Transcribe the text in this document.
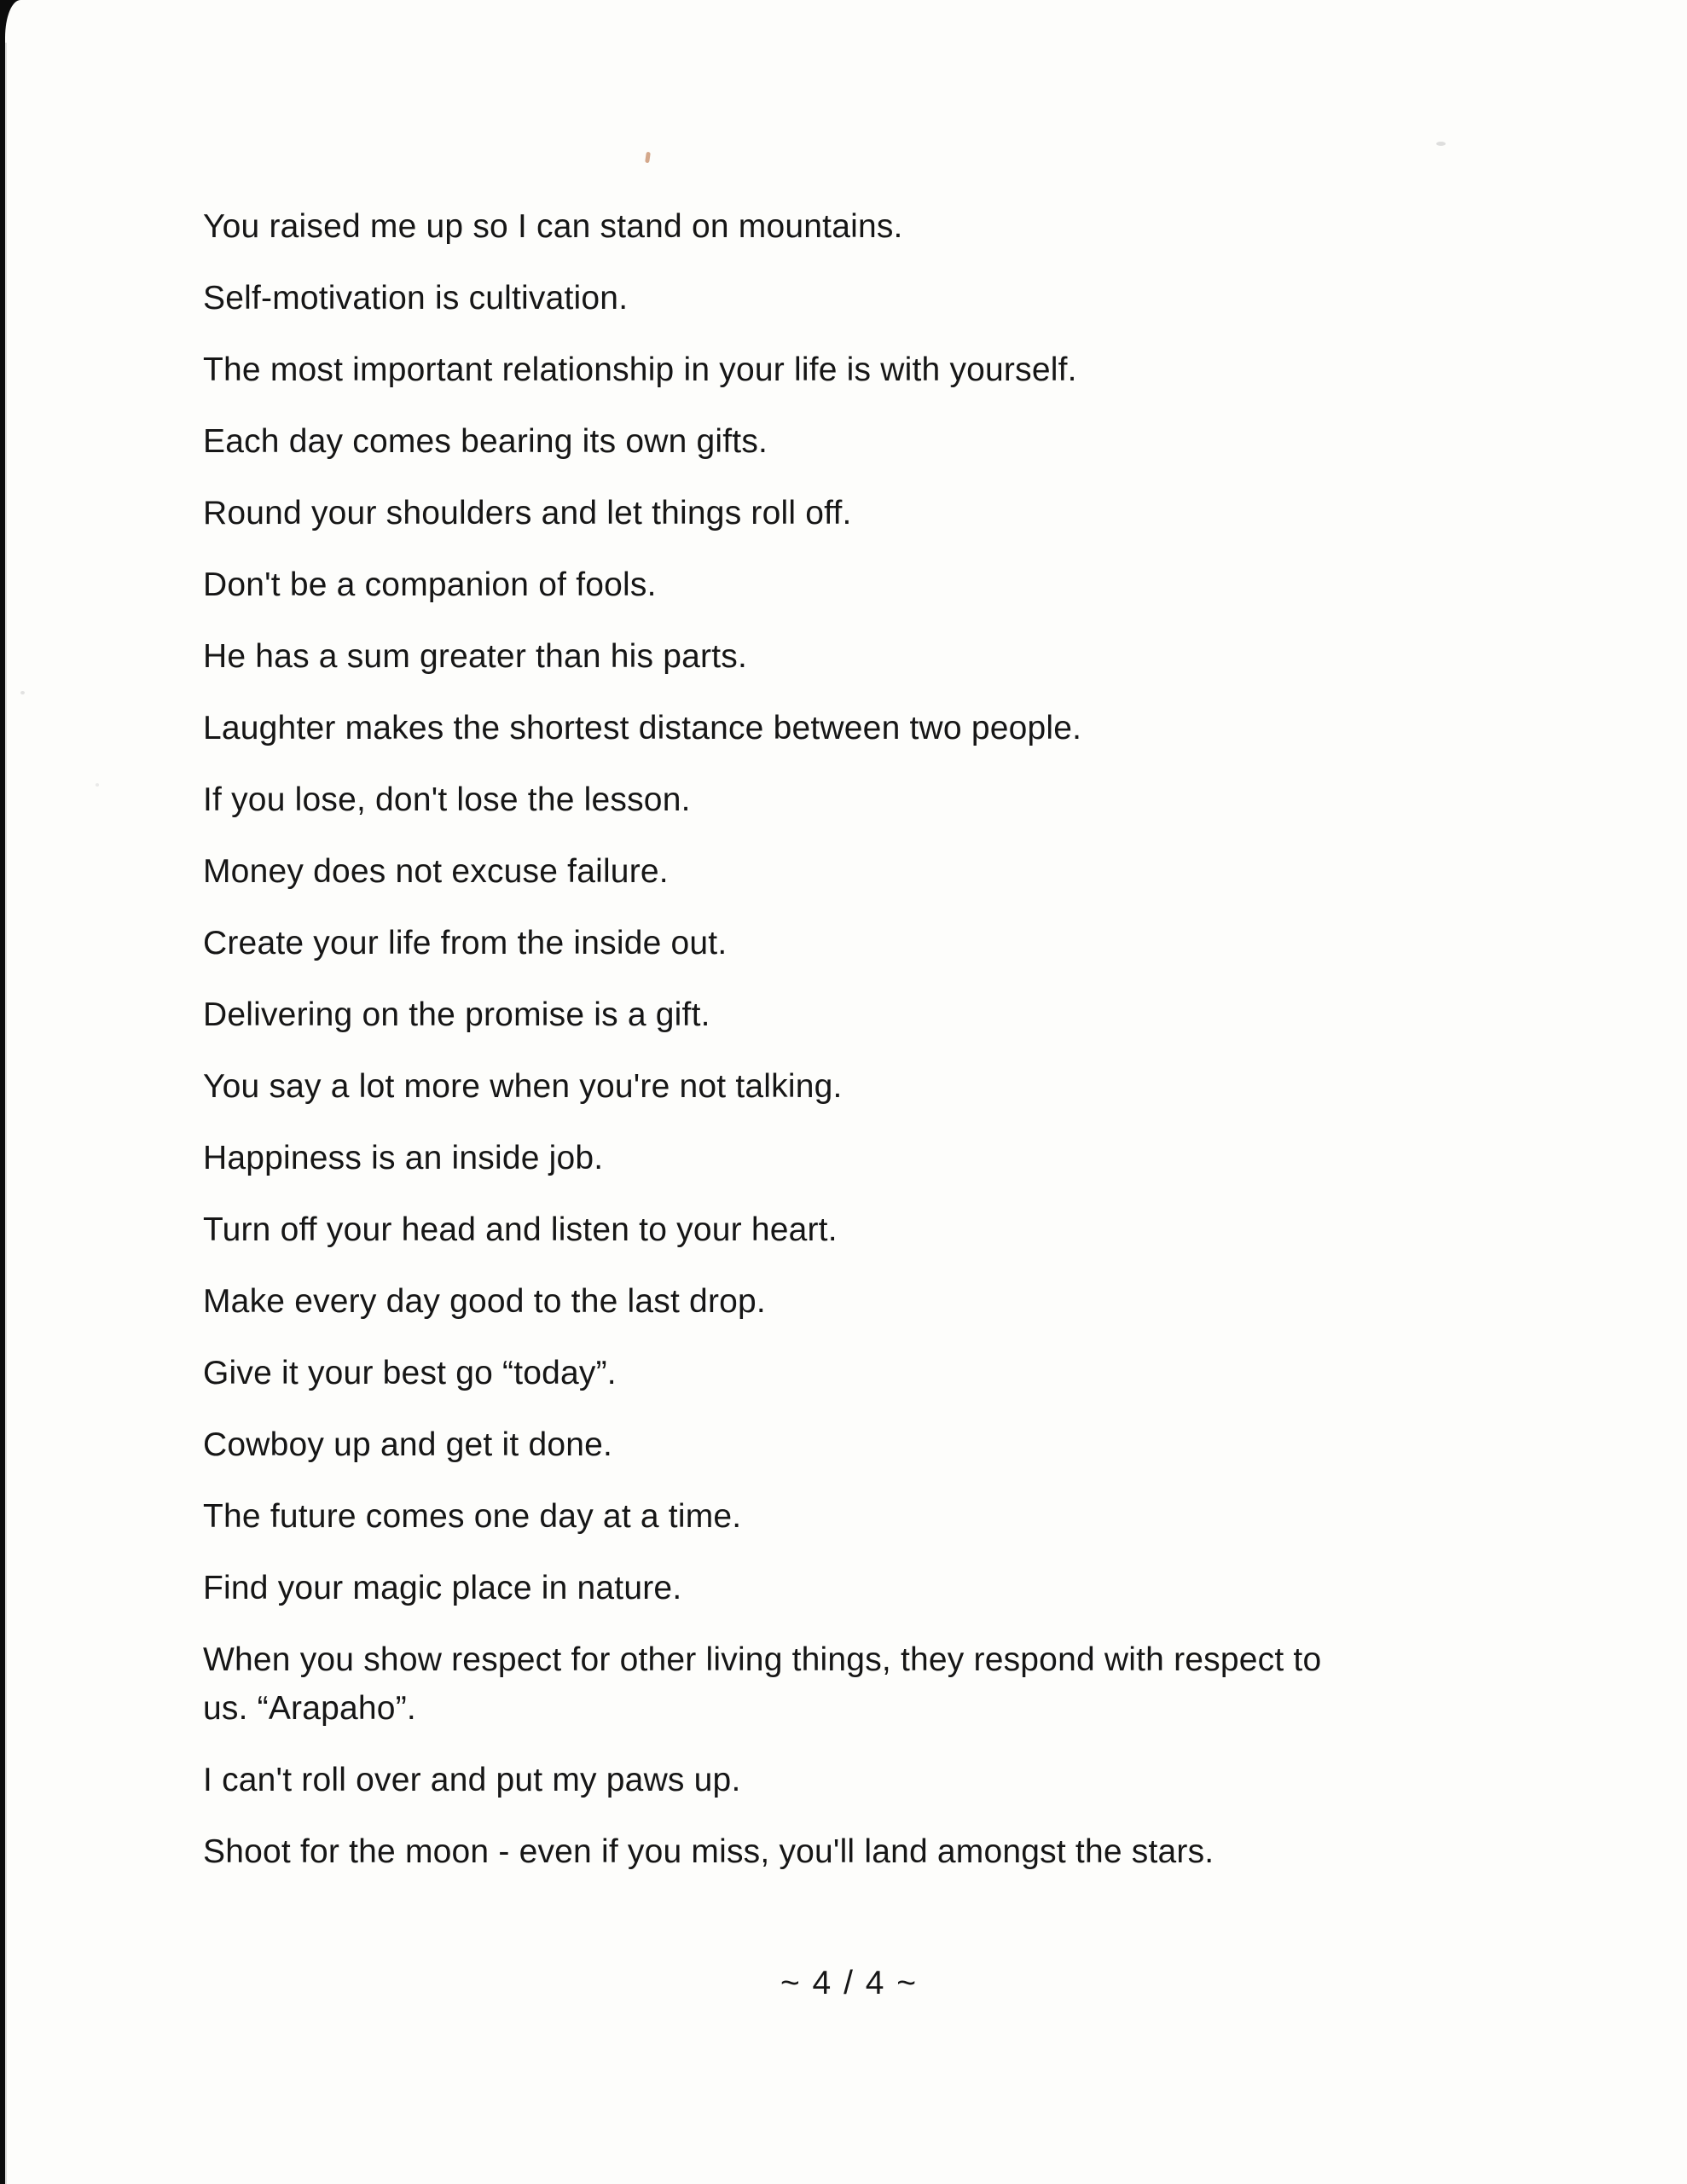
You raised me up so I can stand on mountains.

Self-motivation is cultivation.

The most important relationship in your life is with yourself.

Each day comes bearing its own gifts.

Round your shoulders and let things roll off.

Don't be a companion of fools.

He has a sum greater than his parts.

Laughter makes the shortest distance between two people.

If you lose, don't lose the lesson.

Money does not excuse failure.

Create your life from the inside out.

Delivering on the promise is a gift.

You say a lot more when you're not talking.

Happiness is an inside job.

Turn off your head and listen to your heart.

Make every day good to the last drop.

Give it your best go “today”.

Cowboy up and get it done.

The future comes one day at a time.

Find your magic place in nature.

When you show respect for other living things, they respond with respect to
us. “Arapaho”.

I can't roll over and put my paws up.

Shoot for the moon - even if you miss, you'll land amongst the stars.

~ 4 / 4 ~
